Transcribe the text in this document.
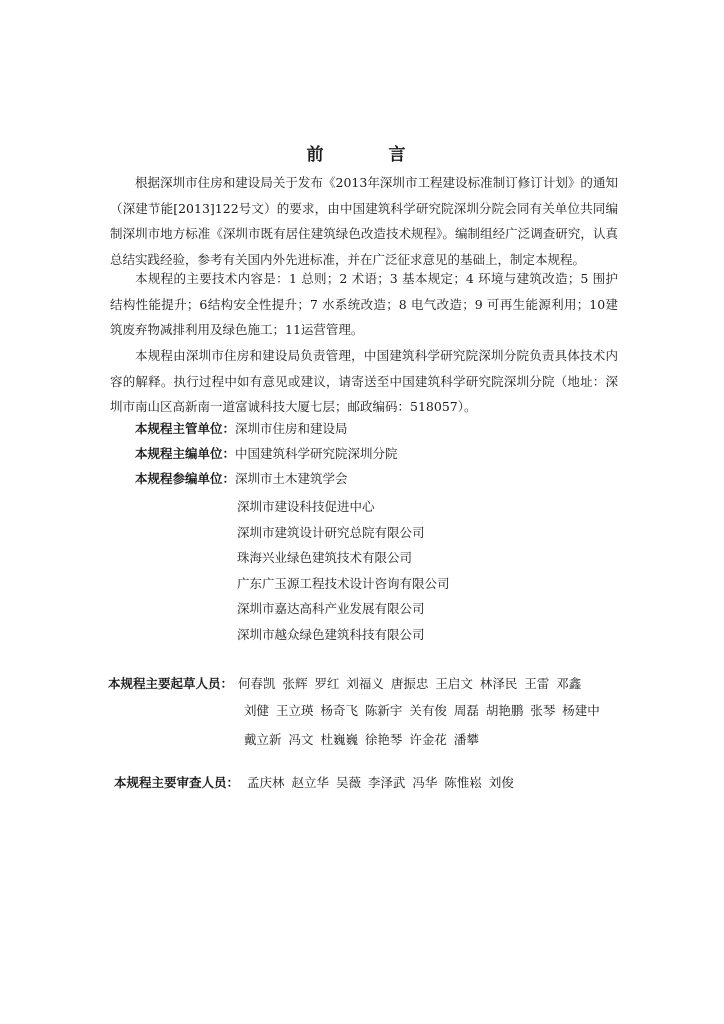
前　言

根据深圳市住房和建设局关于发布《2013年深圳市工程建设标准制订修订计划》的通知（深建节能[2013]122号文）的要求，由中国建筑科学研究院深圳分院会同有关单位共同编制深圳市地方标准《深圳市既有居住建筑绿色改造技术规程》。编制组经广泛调查研究，认真总结实践经验，参考有关国内外先进标准，并在广泛征求意见的基础上，制定本规程。

本规程的主要技术内容是：1 总则；2 术语；3 基本规定；4 环境与建筑改造；5 围护结构性能提升；6结构安全性提升；7 水系统改造；8 电气改造；9 可再生能源利用；10建筑废弃物减排利用及绿色施工；11运营管理。

本规程由深圳市住房和建设局负责管理，中国建筑科学研究院深圳分院负责具体技术内容的解释。执行过程中如有意见或建议，请寄送至中国建筑科学研究院深圳分院（地址：深圳市南山区高新南一道富诚科技大厦七层；邮政编码：518057）。

本规程主管单位：深圳市住房和建设局
本规程主编单位：中国建筑科学研究院深圳分院
本规程参编单位：深圳市土木建筑学会
深圳市建设科技促进中心
深圳市建筑设计研究总院有限公司
珠海兴业绿色建筑技术有限公司
广东广玉源工程技术设计咨询有限公司
深圳市嘉达高科产业发展有限公司
深圳市越众绿色建筑科技有限公司
本规程主要起草人员： 何春凯 张辉 罗红 刘福义 唐振忠 王启文 林泽民 王雷 邓鑫
刘健 王立瑛 杨奇飞 陈新宇 关有俊 周磊 胡艳鹏 张琴 杨建中
戴立新 冯文 杜巍巍 徐艳琴 许金花 潘攀
本规程主要审查人员： 孟庆林 赵立华 吴薇 李泽武 冯华 陈惟崧 刘俊
